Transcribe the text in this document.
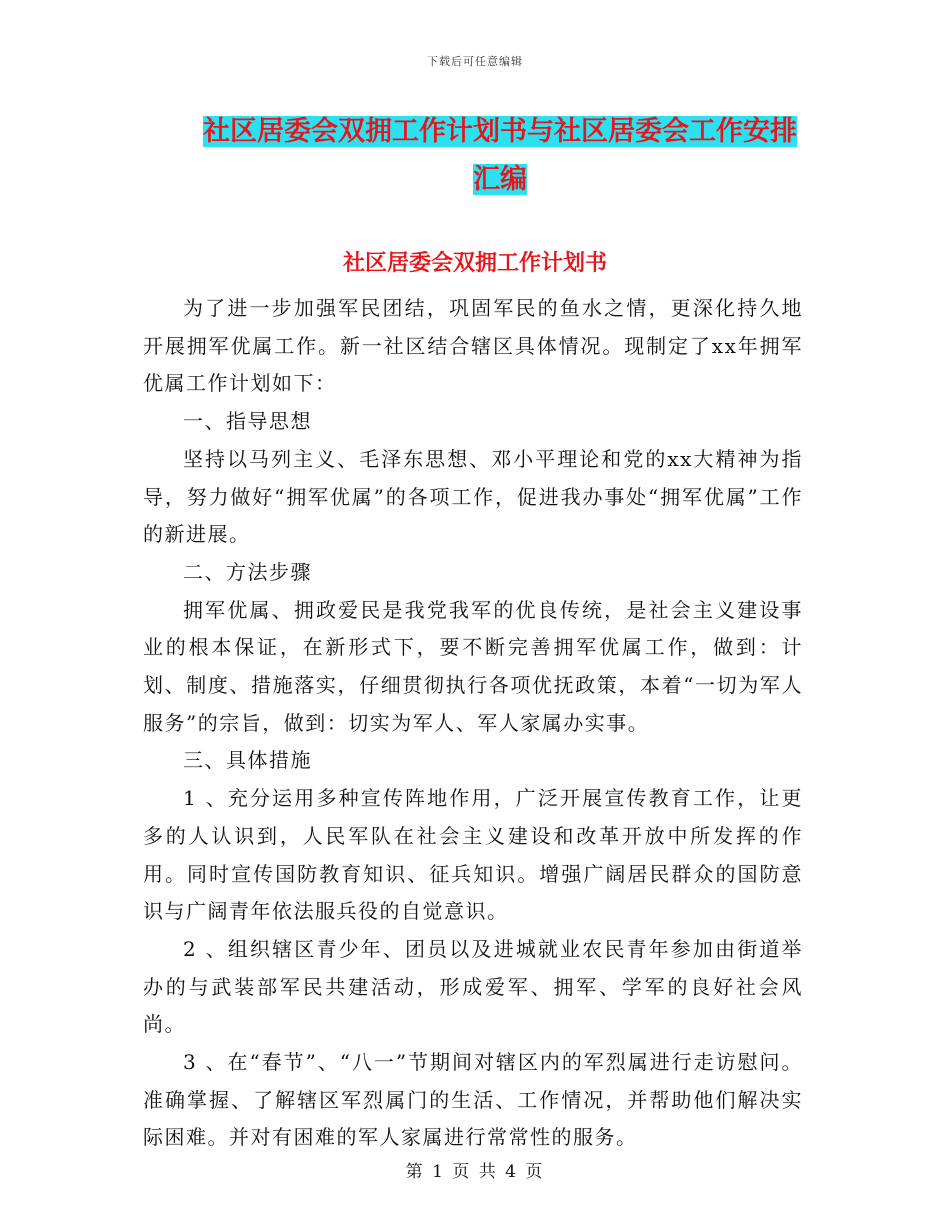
下载后可任意编辑
社区居委会双拥工作计划书与社区居委会工作安排汇编
社区居委会双拥工作计划书

为了进一步加强军民团结，巩固军民的鱼水之情，更深化持久地开展拥军优属工作。新一社区结合辖区具体情况。现制定了xx年拥军优属工作计划如下：

一、指导思想

坚持以马列主义、毛泽东思想、邓小平理论和党的xx大精神为指导，努力做好“拥军优属”的各项工作，促进我办事处“拥军优属”工作的新进展。

二、方法步骤

拥军优属、拥政爱民是我党我军的优良传统，是社会主义建设事业的根本保证，在新形式下，要不断完善拥军优属工作，做到：计划、制度、措施落实，仔细贯彻执行各项优抚政策，本着“一切为军人服务”的宗旨，做到：切实为军人、军人家属办实事。

三、具体措施

1 、充分运用多种宣传阵地作用，广泛开展宣传教育工作，让更多的人认识到，人民军队在社会主义建设和改革开放中所发挥的作用。同时宣传国防教育知识、征兵知识。增强广阔居民群众的国防意识与广阔青年依法服兵役的自觉意识。

2 、组织辖区青少年、团员以及进城就业农民青年参加由街道举办的与武装部军民共建活动，形成爱军、拥军、学军的良好社会风尚。

3 、在“春节”、“八一”节期间对辖区内的军烈属进行走访慰问。准确掌握、了解辖区军烈属门的生活、工作情况，并帮助他们解决实际困难。并对有困难的军人家属进行常常性的服务。

第 1 页 共 4 页
